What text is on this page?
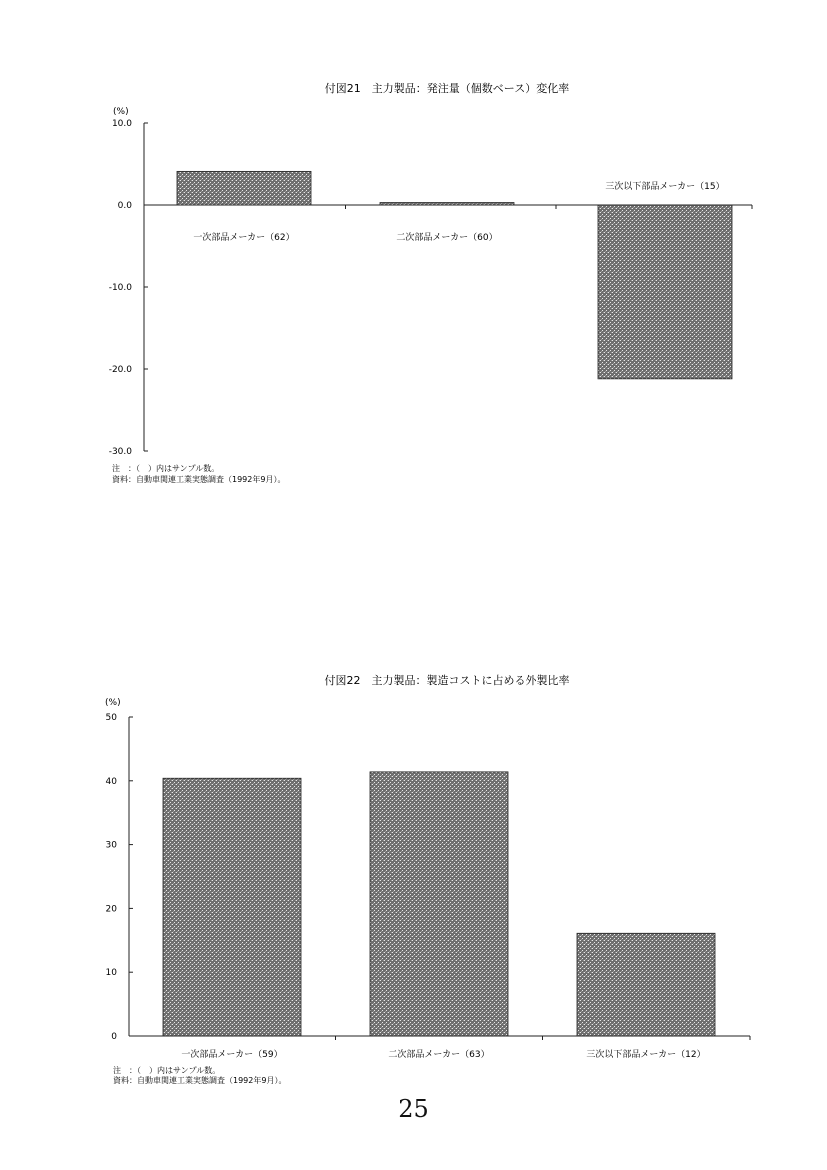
付図21　主力製品：発注量（個数ベース）変化率
(%)
10.0
0.0
-10.0
-20.0
-30.0
一次部品メーカー（62）	二次部品メーカー（60）
三次以下部品メーカー（15）
注　：（　）内はサンプル数。
資料：自動車関連工業実態調査（1992年9月）。
付図22　主力製品：製造コストに占める外製比率
(%)
50
40
30
20
10
0
一次部品メーカー（59）	二次部品メーカー（63）	三次以下部品メーカー（12）
注　：（　）内はサンプル数。
資料：自動車関連工業実態調査（1992年9月）。
25
